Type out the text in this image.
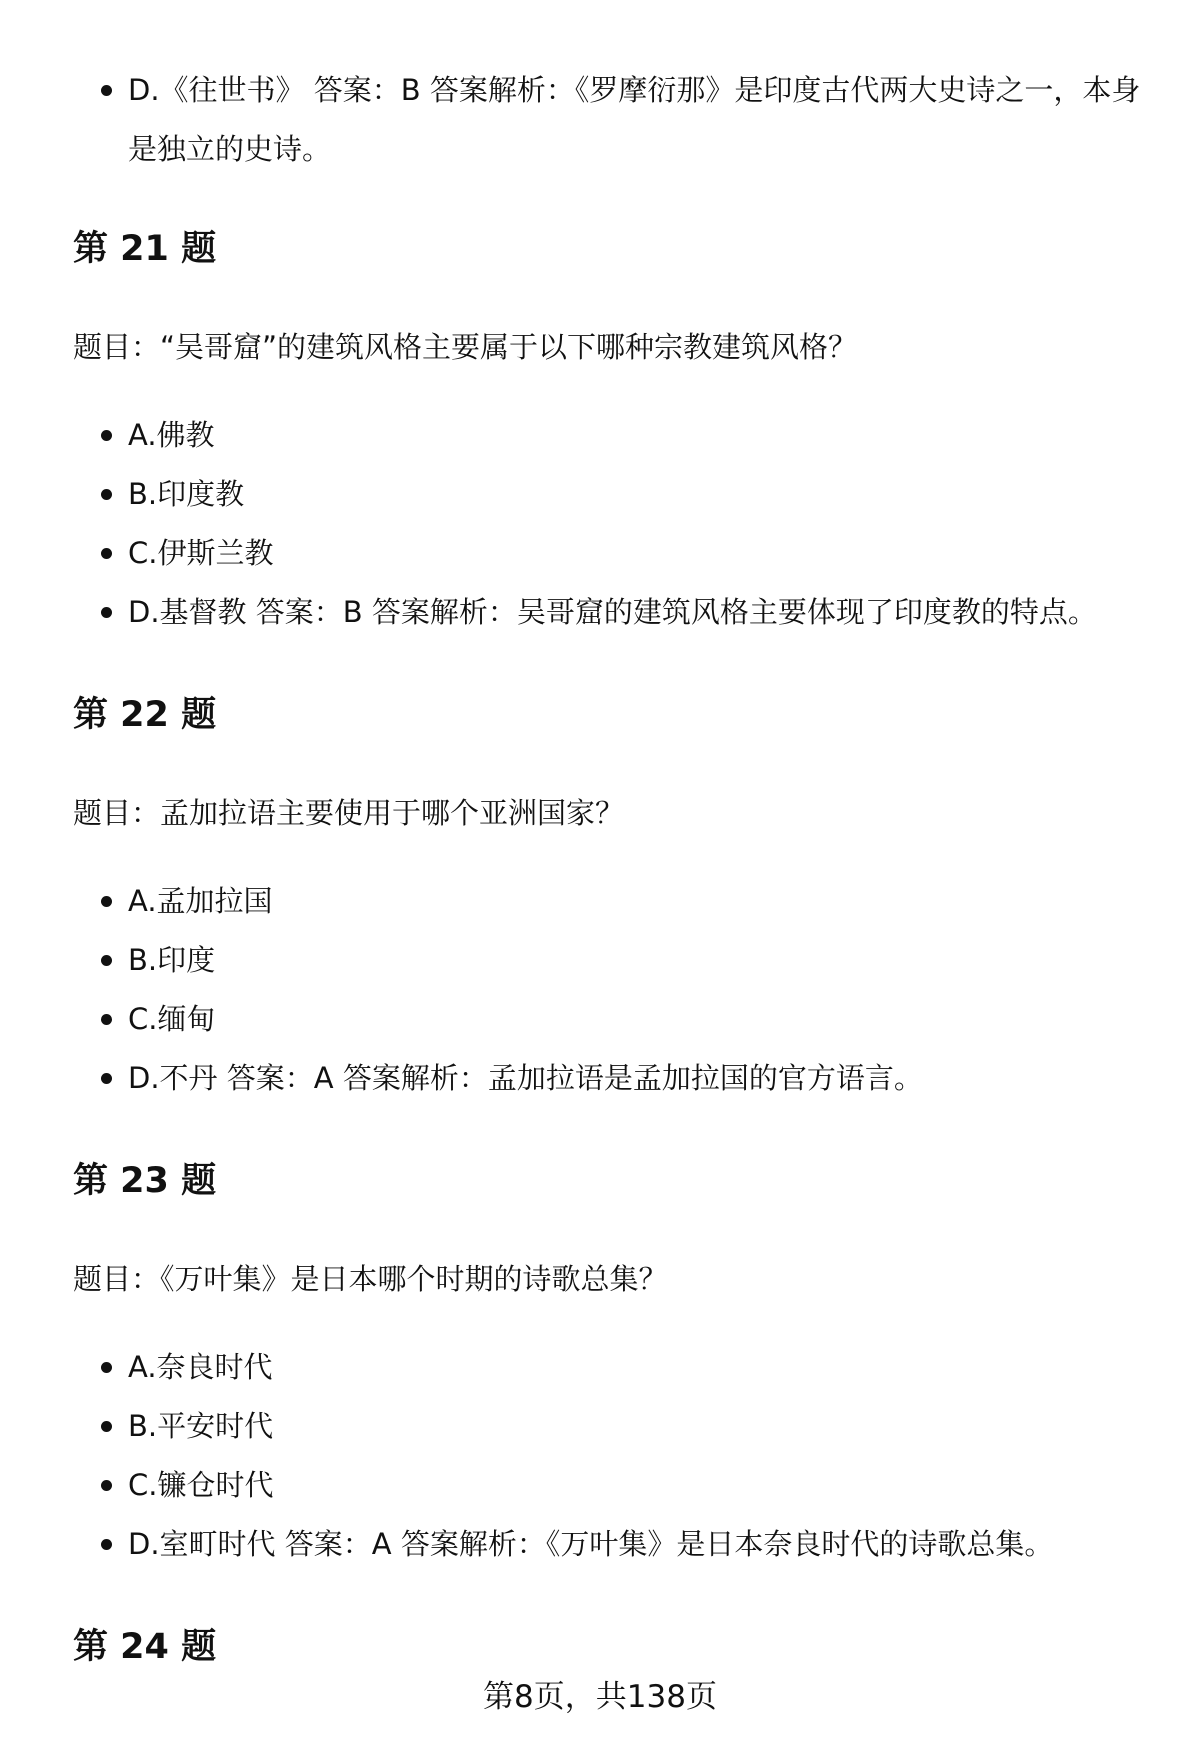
D.《往世书》 答案：B 答案解析：《罗摩衍那》是印度古代两大史诗之一，本身是独立的史诗。
第 21 题
题目：“吴哥窟”的建筑风格主要属于以下哪种宗教建筑风格？
A.佛教
B.印度教
C.伊斯兰教
D.基督教 答案：B 答案解析：吴哥窟的建筑风格主要体现了印度教的特点。
第 22 题
题目：孟加拉语主要使用于哪个亚洲国家？
A.孟加拉国
B.印度
C.缅甸
D.不丹 答案：A 答案解析：孟加拉语是孟加拉国的官方语言。
第 23 题
题目：《万叶集》是日本哪个时期的诗歌总集？
A.奈良时代
B.平安时代
C.镰仓时代
D.室町时代 答案：A 答案解析：《万叶集》是日本奈良时代的诗歌总集。
第 24 题
第8页，共138页
